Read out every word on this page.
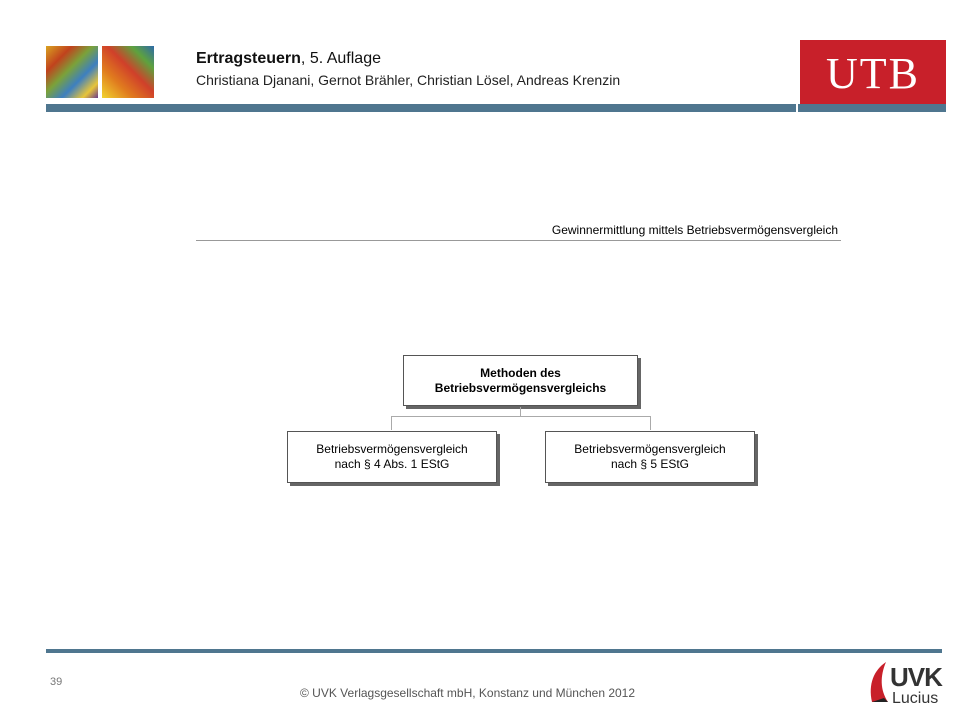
Ertragsteuern, 5. Auflage
Christiana Djanani, Gernot Brähler, Christian Lösel, Andreas Krenzin	UTB
Gewinnermittlung mittels Betriebsvermögensvergleich
Methoden des
Betriebsvermögensvergleichs
Betriebsvermögensvergleich
nach § 4 Abs. 1 EStG
Betriebsvermögensvergleich
nach § 5 EStG
39
© UVK Verlagsgesellschaft mbH, Konstanz und München 2012
UVK
Lucius
